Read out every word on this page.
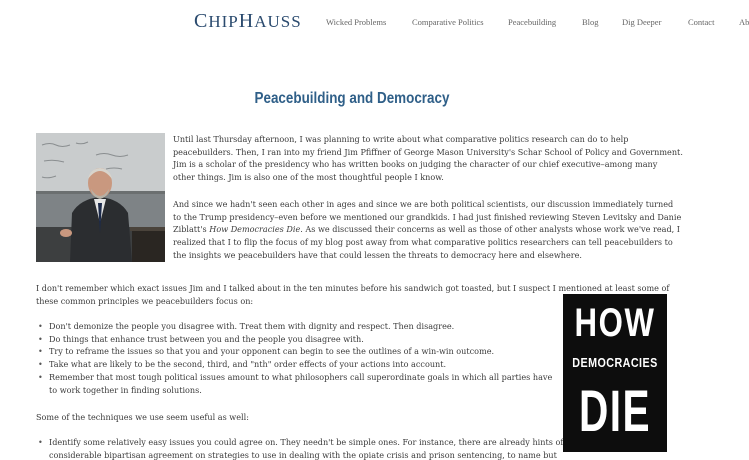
CHIPHAUSS	Wicked Problems	Comparative Politics	Peacebuilding	Blog	Dig Deeper	Contact	Ab
Peacebuilding and Democracy
Until last Thursday afternoon, I was planning to write about what comparative politics research can do to help
peacebuilders. Then, I ran into my friend Jim Pfiffner of George Mason University's Schar School of Policy and Government.
Jim is a scholar of the presidency who has written books on judging the character of our chief executive–among many
other things. Jim is also one of the most thoughtful people I know.
And since we hadn't seen each other in ages and since we are both political scientists, our discussion immediately turned
to the Trump presidency–even before we mentioned our grandkids. I had just finished reviewing Steven Levitsky and Danie
Ziblatt's How Democracies Die. As we discussed their concerns as well as those of other analysts whose work we've read, I
realized that I to flip the focus of my blog post away from what comparative politics researchers can tell peacebuilders to
the insights we peacebuilders have that could lessen the threats to democracy here and elsewhere.
I don't remember which exact issues Jim and I talked about in the ten minutes before his sandwich got toasted, but I suspect I mentioned at least some of
these common principles we peacebuilders focus on:
• Don't demonize the people you disagree with. Treat them with dignity and respect. Then disagree.
• Do things that enhance trust between you and the people you disagree with.
• Try to reframe the issues so that you and your opponent can begin to see the outlines of a win-win outcome.
• Take what are likely to be the second, third, and "nth" order effects of your actions into account.
• Remember that most tough political issues amount to what philosophers call superordinate goals in which all parties have
to work together in finding solutions.
Some of the techniques we use seem useful as well:
• Identify some relatively easy issues you could agree on. They needn't be simple ones. For instance, there are already hints of
considerable bipartisan agreement on strategies to use in dealing with the opiate crisis and prison sentencing, to name but
HOW
DEMOCRACIES
DIE
